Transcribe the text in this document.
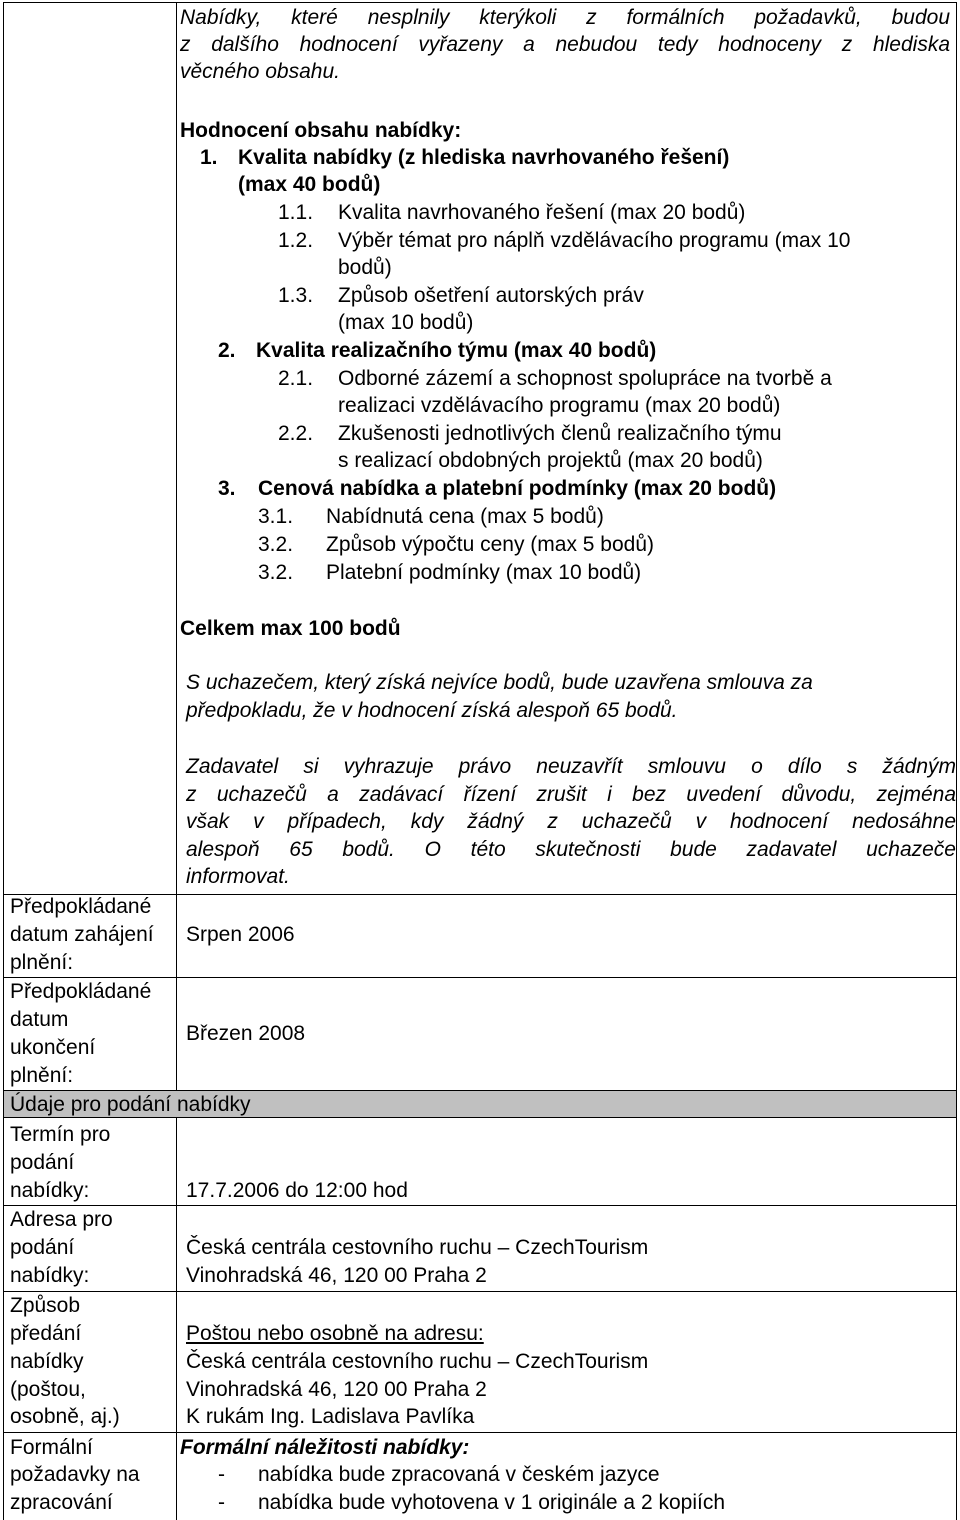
Nabídky, které nesplnily kterýkoli z formálních požadavků, budou
z dalšího hodnocení vyřazeny a nebudou tedy hodnoceny z hlediska
věcného obsahu.
Hodnocení obsahu nabídky:
1. Kvalita nabídky (z hlediska navrhovaného řešení)
(max 40 bodů)
1.1. Kvalita navrhovaného řešení (max 20 bodů)
1.2. Výběr témat pro náplň vzdělávacího programu (max 10
bodů)
1.3. Způsob ošetření autorských práv
(max 10 bodů)
2. Kvalita realizačního týmu (max 40 bodů)
2.1. Odborné zázemí a schopnost spolupráce na tvorbě a
realizaci vzdělávacího programu (max 20 bodů)
2.2. Zkušenosti jednotlivých členů realizačního týmu
s realizací obdobných projektů (max 20 bodů)
3. Cenová nabídka a platební podmínky (max 20 bodů)
3.1. Nabídnutá cena (max 5 bodů)
3.2. Způsob výpočtu ceny (max 5 bodů)
3.2. Platební podmínky (max 10 bodů)
Celkem max 100 bodů
S uchazečem, který získá nejvíce bodů, bude uzavřena smlouva za
předpokladu, že v hodnocení získá alespoň 65 bodů.
Zadavatel si vyhrazuje právo neuzavřít smlouvu o dílo s žádným
z uchazečů a zadávací řízení zrušit i bez uvedení důvodu, zejména
však v případech, kdy žádný z uchazečů v hodnocení nedosáhne
alespoň 65 bodů. O této skutečnosti bude zadavatel uchazeče
informovat.
Předpokládané
datum zahájení
plnění:
Srpen 2006
Předpokládané
datum
ukončení
plnění:
Březen 2008
Údaje pro podání nabídky
Termín pro
podání
nabídky:	17.7.2006 do 12:00 hod
Adresa pro
podání
nabídky:
Česká centrála cestovního ruchu – CzechTourism
Vinohradská 46, 120 00 Praha 2
Způsob
předání
nabídky
(poštou,
osobně, aj.)
Poštou nebo osobně na adresu:
Česká centrála cestovního ruchu – CzechTourism
Vinohradská 46, 120 00 Praha 2
K rukám Ing. Ladislava Pavlíka
Formální
požadavky na
zpracování
Formální náležitosti nabídky:
- nabídka bude zpracovaná v českém jazyce
- nabídka bude vyhotovena v 1 originále a 2 kopiích
